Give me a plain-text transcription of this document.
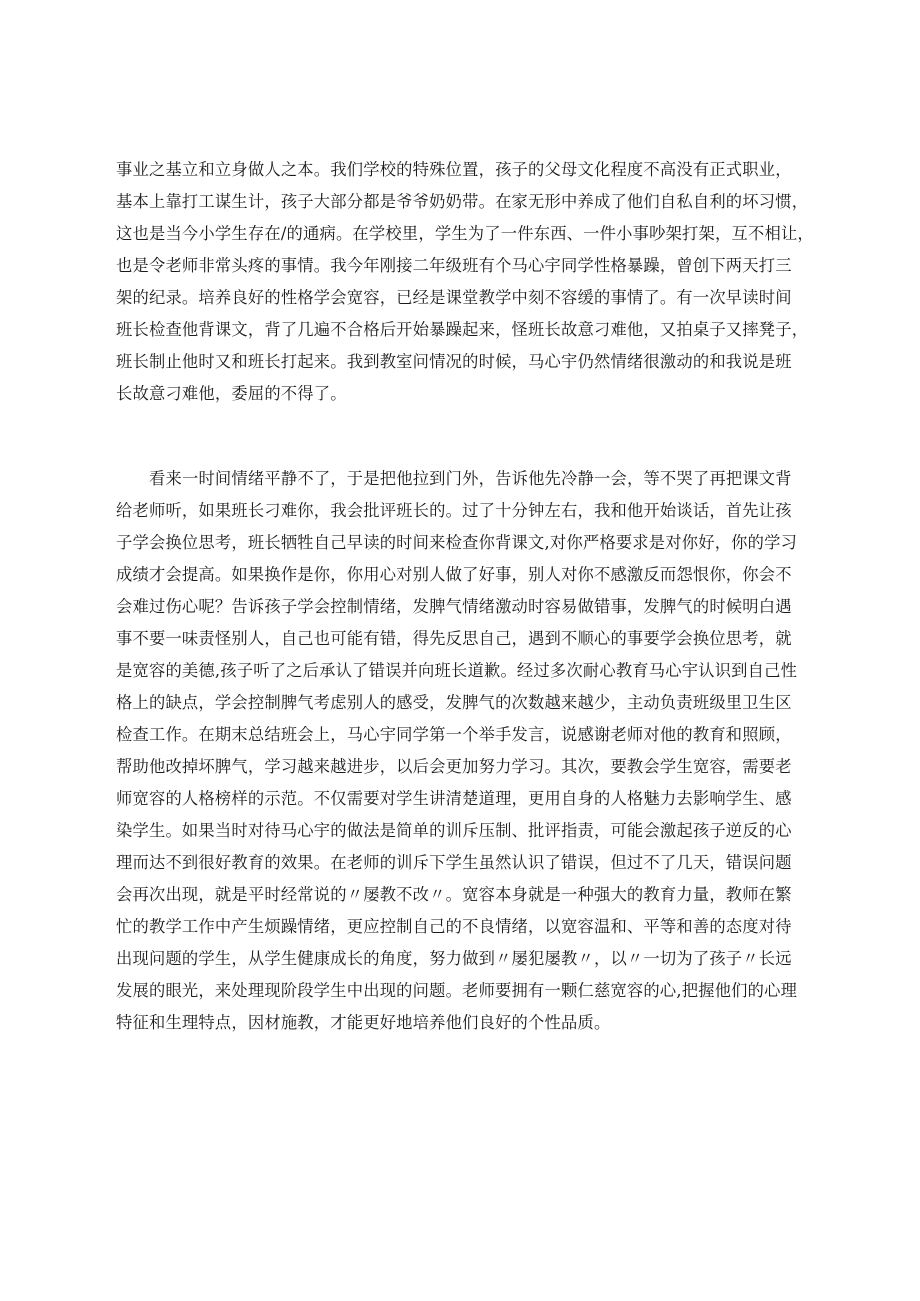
事业之基立和立身做人之本。我们学校的特殊位置，孩子的父母文化程度不高没有正式职业，
基本上靠打工谋生计，孩子大部分都是爷爷奶奶带。在家无形中养成了他们自私自利的坏习惯，
这也是当今小学生存在/的通病。在学校里，学生为了一件东西、一件小事吵架打架，互不相让，
也是令老师非常头疼的事情。我今年刚接二年级班有个马心宇同学性格暴躁，曾创下两天打三
架的纪录。培养良好的性格学会宽容，已经是课堂教学中刻不容缓的事情了。有一次早读时间
班长检查他背课文，背了几遍不合格后开始暴躁起来，怪班长故意刁难他，又拍桌子又摔凳子，
班长制止他时又和班长打起来。我到教室问情况的时候，马心宇仍然情绪很激动的和我说是班
长故意刁难他，委屈的不得了。
看来一时间情绪平静不了，于是把他拉到门外，告诉他先冷静一会，等不哭了再把课文背
给老师听，如果班长刁难你，我会批评班长的。过了十分钟左右，我和他开始谈话，首先让孩
子学会换位思考，班长牺牲自己早读的时间来检查你背课文,对你严格要求是对你好，你的学习
成绩才会提高。如果换作是你，你用心对别人做了好事，别人对你不感激反而怨恨你，你会不
会难过伤心呢？告诉孩子学会控制情绪，发脾气情绪激动时容易做错事，发脾气的时候明白遇
事不要一味责怪别人，自己也可能有错，得先反思自己，遇到不顺心的事要学会换位思考，就
是宽容的美德,孩子听了之后承认了错误并向班长道歉。经过多次耐心教育马心宇认识到自己性
格上的缺点，学会控制脾气考虑别人的感受，发脾气的次数越来越少，主动负责班级里卫生区
检查工作。在期末总结班会上，马心宇同学第一个举手发言，说感谢老师对他的教育和照顾，
帮助他改掉坏脾气，学习越来越进步，以后会更加努力学习。其次，要教会学生宽容，需要老
师宽容的人格榜样的示范。不仅需要对学生讲清楚道理，更用自身的人格魅力去影响学生、感
染学生。如果当时对待马心宇的做法是简单的训斥压制、批评指责，可能会激起孩子逆反的心
理而达不到很好教育的效果。在老师的训斥下学生虽然认识了错误，但过不了几天，错误问题
会再次出现，就是平时经常说的〃屡教不改〃。宽容本身就是一种强大的教育力量，教师在繁
忙的教学工作中产生烦躁情绪，更应控制自己的不良情绪，以宽容温和、平等和善的态度对待
出现问题的学生，从学生健康成长的角度，努力做到〃屡犯屡教〃，以〃一切为了孩子〃长远
发展的眼光，来处理现阶段学生中出现的问题。老师要拥有一颗仁慈宽容的心,把握他们的心理
特征和生理特点，因材施教，才能更好地培养他们良好的个性品质。
